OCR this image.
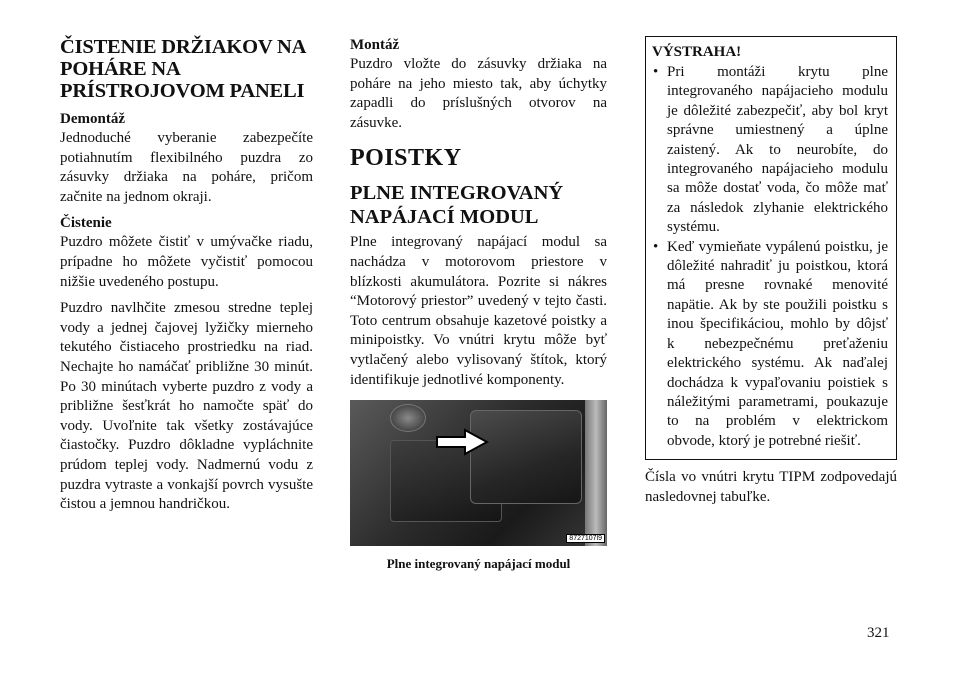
ČISTENIE DRŽIAKOV NA POHÁRE NA PRÍSTROJOVOM PANELI
Demontáž

Jednoduché vyberanie zabezpečíte potiahnutím flexibilného puzdra zo zásuvky držiaka na poháre, pričom začnite na jednom okraji.

Čistenie

Puzdro môžete čistiť v umývačke riadu, prípadne ho môžete vyčistiť pomocou nižšie uvedeného postupu.

Puzdro navlhčite zmesou stredne teplej vody a jednej čajovej lyžičky mierneho tekutého čistiaceho prostriedku na riad. Nechajte ho namáčať približne 30 minút. Po 30 minútach vyberte puzdro z vody a približne šesťkrát ho namočte späť do vody. Uvoľnite tak všetky zostávajúce čiastočky. Puzdro dôkladne vypláchnite prúdom teplej vody. Nadmernú vodu z puzdra vytraste a vonkajší povrch vysušte čistou a jemnou handričkou.

Montáž

Puzdro vložte do zásuvky držiaka na poháre na jeho miesto tak, aby úchytky zapadli do príslušných otvorov na zásuvke.

POISTKY
PLNE INTEGROVANÝ NAPÁJACÍ MODUL

Plne integrovaný napájací modul sa nachádza v motorovom priestore v blízkosti akumulátora. Pozrite si nákres “Motorový priestor” uvedený v tejto časti. Toto centrum obsahuje kazetové poistky a minipoistky. Vo vnútri krytu môže byť vytlačený alebo vylisovaný štítok, ktorý identifikuje jednotlivé komponenty.

8727107l9
Plne integrovaný napájací modul
VÝSTRAHA!
• Pri montáži krytu plne integrovaného napájacieho modulu je dôležité zabezpečiť, aby bol kryt správne umiestnený a úplne zaistený. Ak to neurobíte, do integrovaného napájacieho modulu sa môže dostať voda, čo môže mať za následok zlyhanie elektrického systému.
• Keď vymieňate vypálenú poistku, je dôležité nahradiť ju poistkou, ktorá má presne rovnaké menovité napätie. Ak by ste použili poistku s inou špecifikáciou, mohlo by dôjsť k nebezpečnému preťaženiu elektrického systému. Ak naďalej dochádza k vypaľovaniu poistiek s náležitými parametrami, poukazuje to na problém v elektrickom obvode, ktorý je potrebné riešiť.

Čísla vo vnútri krytu TIPM zodpovedajú nasledovnej tabuľke.

321
